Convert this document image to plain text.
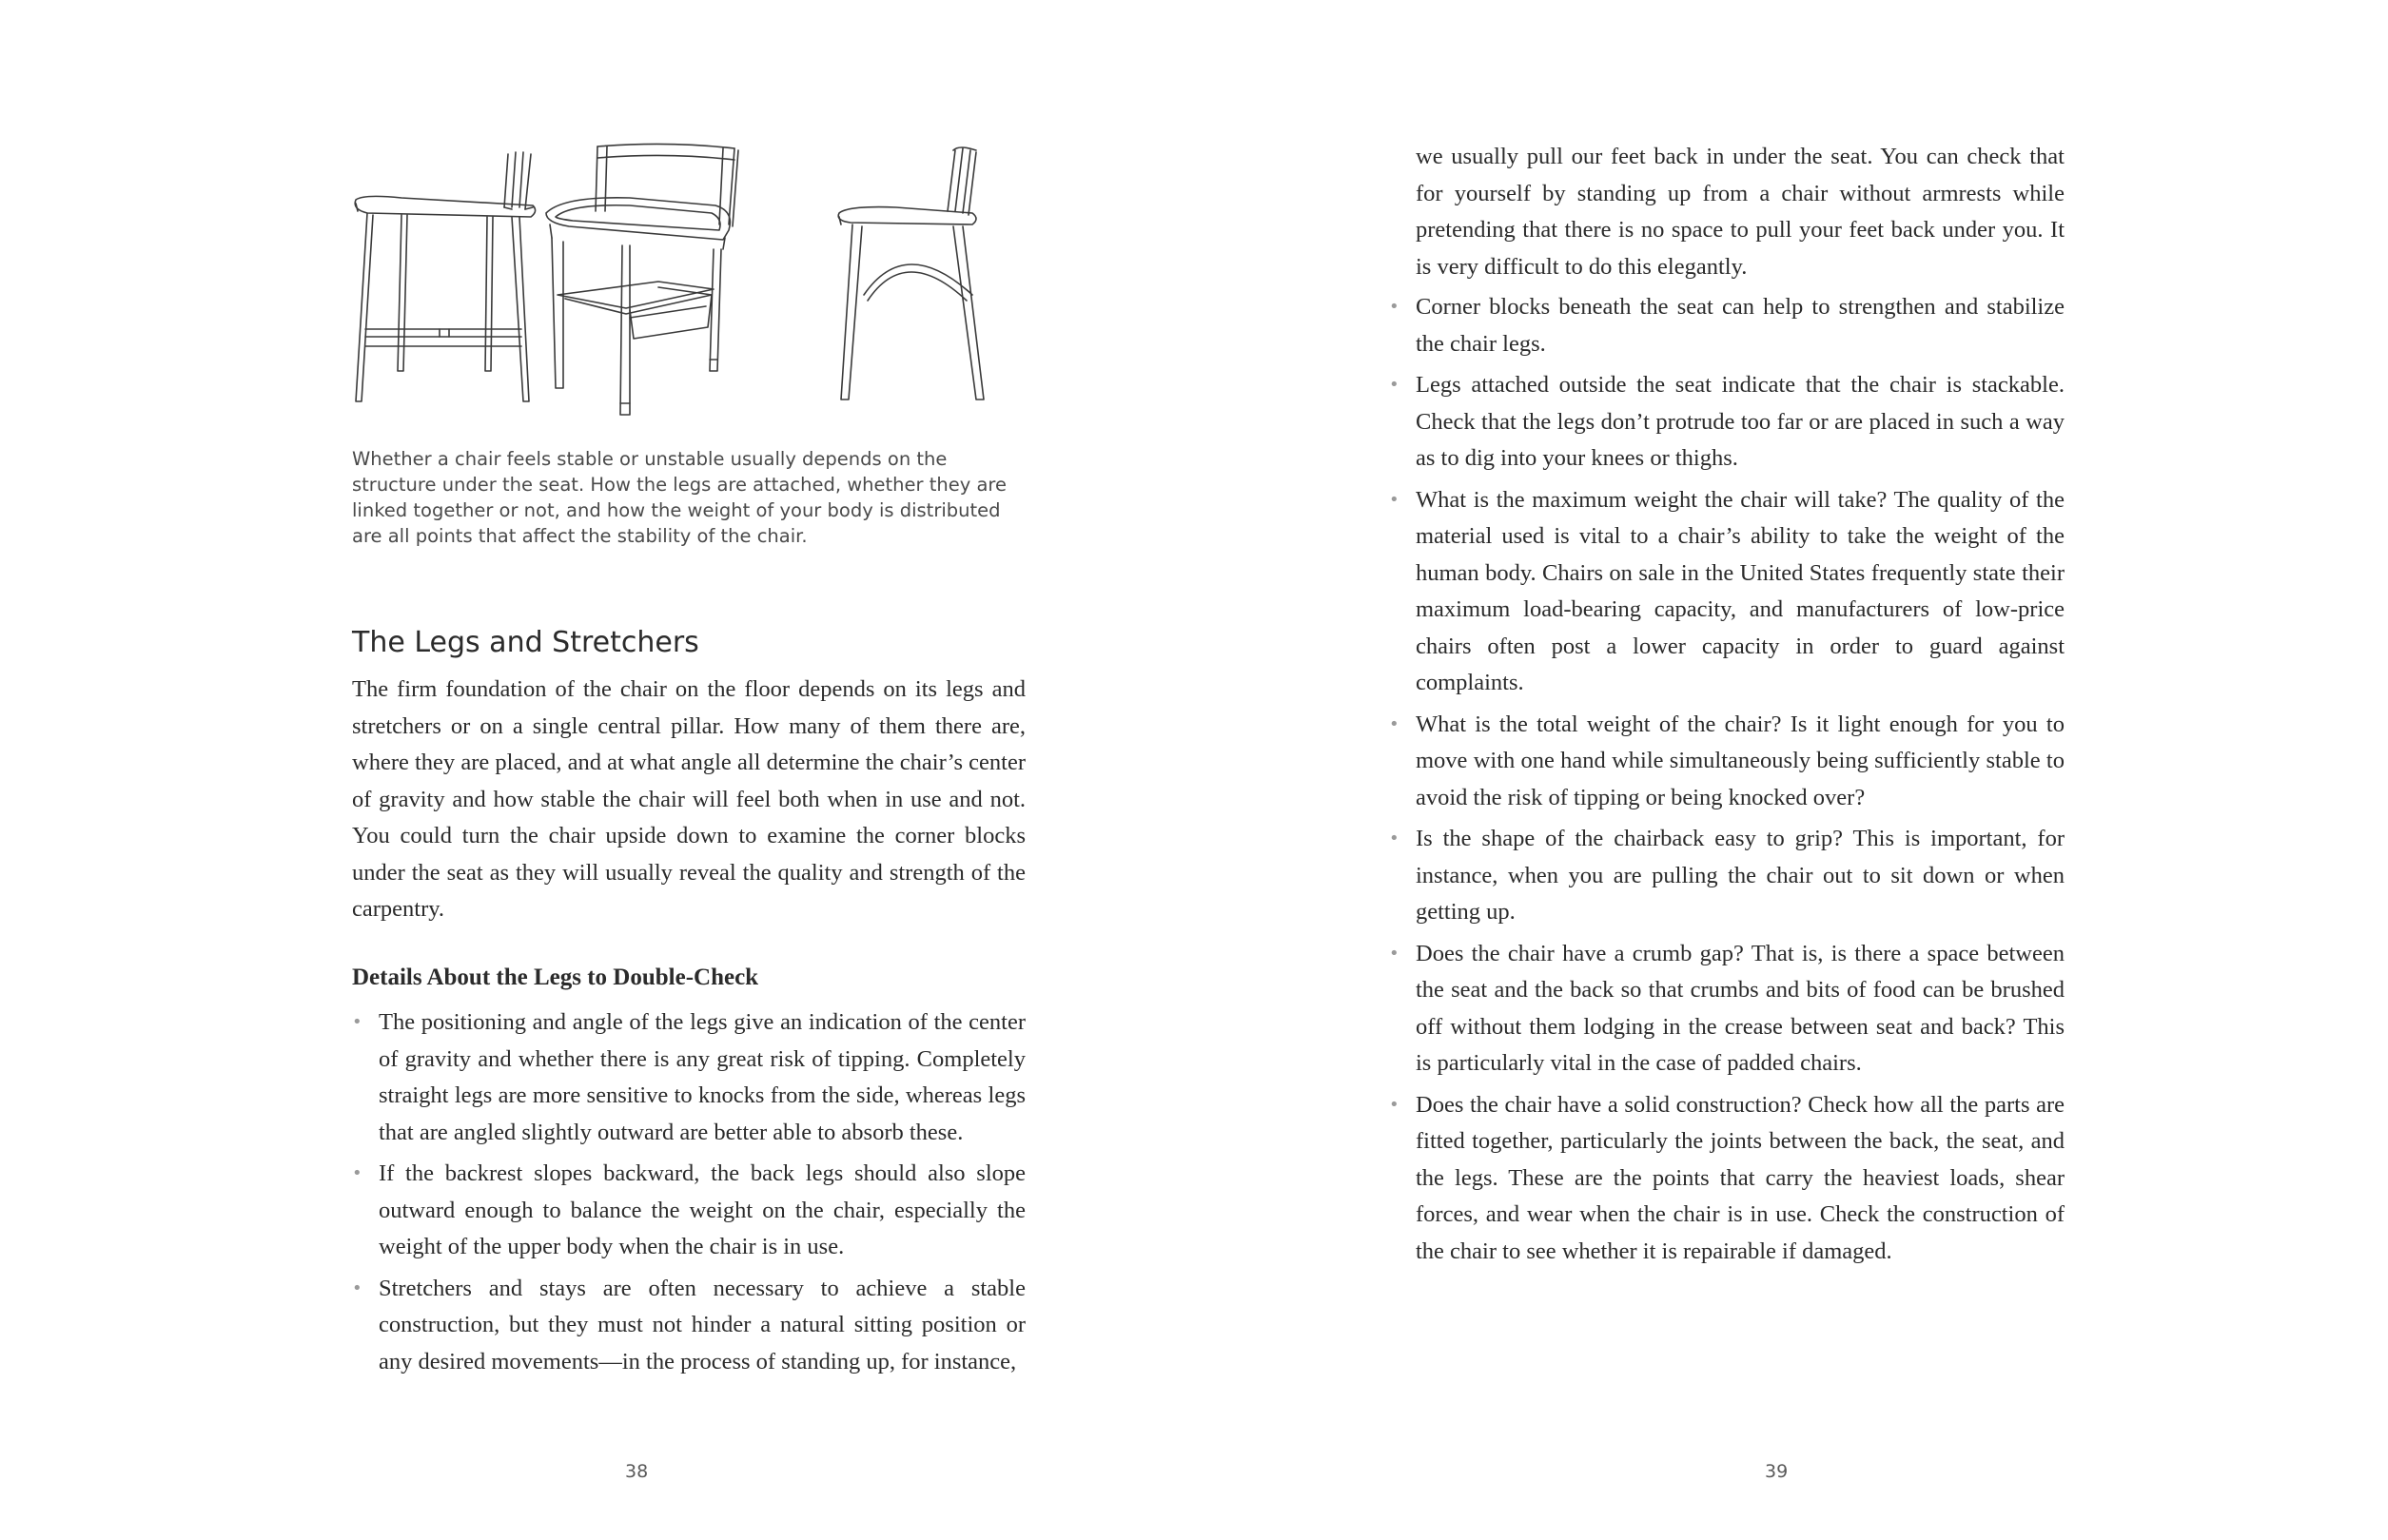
Whether a chair feels stable or unstable usually depends on the structure under the seat. How the legs are attached, whether they are linked together or not, and how the weight of your body is distributed are all points that affect the stability of the chair.

The Legs and Stretchers

The firm foundation of the chair on the floor depends on its legs and stretchers or on a single central pillar. How many of them there are, where they are placed, and at what angle all determine the chair’s center of gravity and how stable the chair will feel both when in use and not. You could turn the chair upside down to examine the corner blocks under the seat as they will usually reveal the quality and strength of the carpentry.

Details About the Legs to Double-Check
• The positioning and angle of the legs give an indication of the center of gravity and whether there is any great risk of tipping. Completely straight legs are more sensitive to knocks from the side, whereas legs that are angled slightly outward are better able to absorb these.
• If the backrest slopes backward, the back legs should also slope outward enough to balance the weight on the chair, especially the weight of the upper body when the chair is in use.
• Stretchers and stays are often necessary to achieve a stable construction, but they must not hinder a natural sitting position or any desired movements—in the process of standing up, for instance,
38

we usually pull our feet back in under the seat. You can check that for yourself by standing up from a chair without armrests while pretending that there is no space to pull your feet back under you. It is very difficult to do this elegantly.

• Corner blocks beneath the seat can help to strengthen and stabilize the chair legs.
• Legs attached outside the seat indicate that the chair is stackable. Check that the legs don’t protrude too far or are placed in such a way as to dig into your knees or thighs.
• What is the maximum weight the chair will take? The quality of the material used is vital to a chair’s ability to take the weight of the human body. Chairs on sale in the United States frequently state their maximum load-bearing capacity, and manufacturers of low-price chairs often post a lower capacity in order to guard against complaints.
• What is the total weight of the chair? Is it light enough for you to move with one hand while simultaneously being sufficiently stable to avoid the risk of tipping or being knocked over?
• Is the shape of the chairback easy to grip? This is important, for instance, when you are pulling the chair out to sit down or when getting up.
• Does the chair have a crumb gap? That is, is there a space between the seat and the back so that crumbs and bits of food can be brushed off without them lodging in the crease between seat and back? This is particularly vital in the case of padded chairs.
• Does the chair have a solid construction? Check how all the parts are fitted together, particularly the joints between the back, the seat, and the legs. These are the points that carry the heaviest loads, shear forces, and wear when the chair is in use. Check the construction of the chair to see whether it is repairable if damaged.
39
